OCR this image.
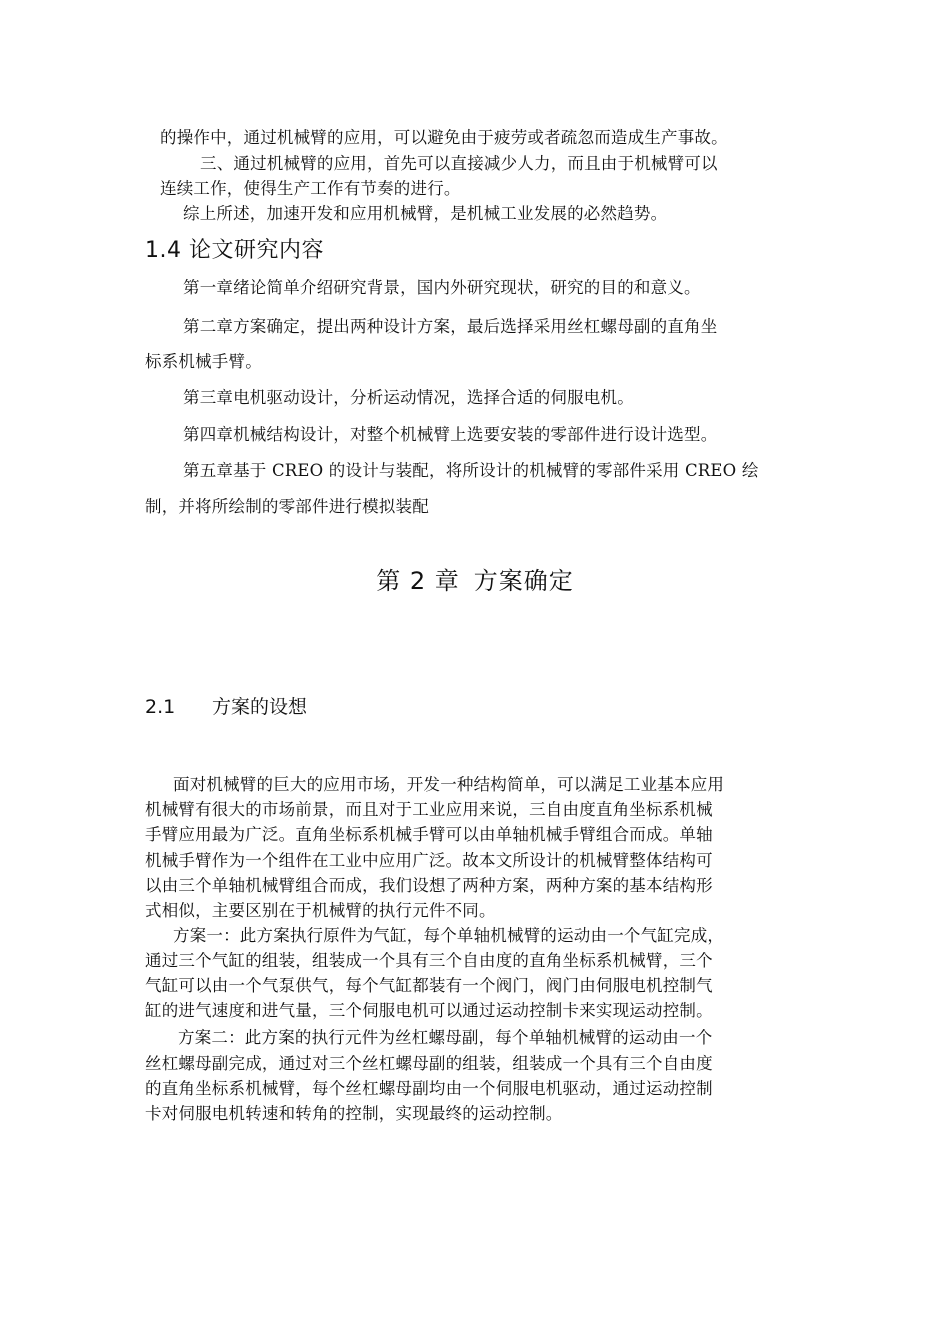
的操作中，通过机械臂的应用，可以避免由于疲劳或者疏忽而造成生产事故。
三、通过机械臂的应用，首先可以直接减少人力，而且由于机械臂可以
连续工作，使得生产工作有节奏的进行。
综上所述，加速开发和应用机械臂，是机械工业发展的必然趋势。
1.4 论文研究内容
第一章绪论简单介绍研究背景，国内外研究现状，研究的目的和意义。
第二章方案确定，提出两种设计方案，最后选择采用丝杠螺母副的直角坐
标系机械手臂。
第三章电机驱动设计，分析运动情况，选择合适的伺服电机。
第四章机械结构设计，对整个机械臂上选要安装的零部件进行设计选型。
第五章基于 CREO 的设计与装配，将所设计的机械臂的零部件采用 CREO 绘
制，并将所绘制的零部件进行模拟装配
第 2 章 方案确定
2.1 方案的设想
面对机械臂的巨大的应用市场，开发一种结构简单，可以满足工业基本应用
机械臂有很大的市场前景，而且对于工业应用来说，三自由度直角坐标系机械
手臂应用最为广泛。直角坐标系机械手臂可以由单轴机械手臂组合而成。单轴
机械手臂作为一个组件在工业中应用广泛。故本文所设计的机械臂整体结构可
以由三个单轴机械臂组合而成，我们设想了两种方案，两种方案的基本结构形
式相似，主要区别在于机械臂的执行元件不同。
方案一：此方案执行原件为气缸，每个单轴机械臂的运动由一个气缸完成，
通过三个气缸的组装，组装成一个具有三个自由度的直角坐标系机械臂，三个
气缸可以由一个气泵供气，每个气缸都装有一个阀门，阀门由伺服电机控制气
缸的进气速度和进气量，三个伺服电机可以通过运动控制卡来实现运动控制。
方案二：此方案的执行元件为丝杠螺母副，每个单轴机械臂的运动由一个
丝杠螺母副完成，通过对三个丝杠螺母副的组装，组装成一个具有三个自由度
的直角坐标系机械臂，每个丝杠螺母副均由一个伺服电机驱动，通过运动控制
卡对伺服电机转速和转角的控制，实现最终的运动控制。
